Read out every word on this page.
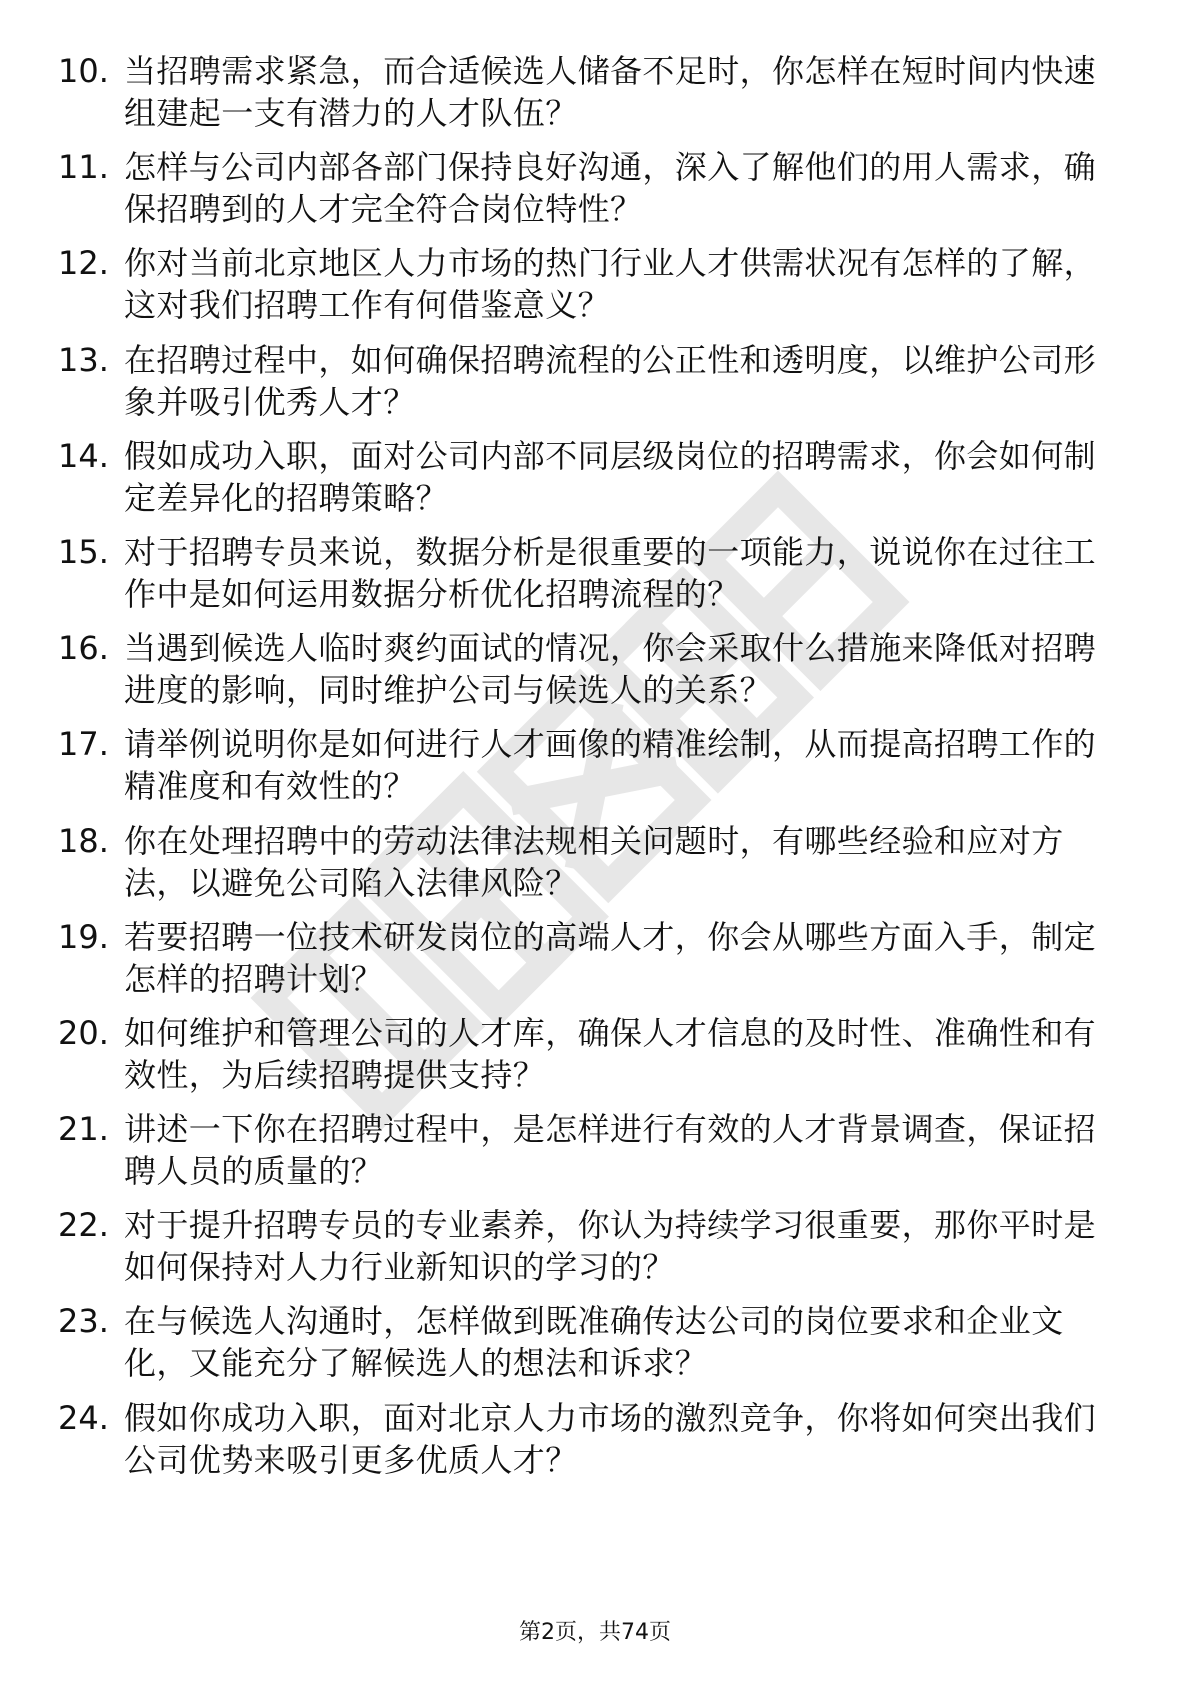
10. 当招聘需求紧急，而合适候选人储备不足时，你怎样在短时间内快速组建起一支有潜力的人才队伍？
11. 怎样与公司内部各部门保持良好沟通，深入了解他们的用人需求，确保招聘到的人才完全符合岗位特性？
12. 你对当前北京地区人力市场的热门行业人才供需状况有怎样的了解，这对我们招聘工作有何借鉴意义？
13. 在招聘过程中，如何确保招聘流程的公正性和透明度，以维护公司形象并吸引优秀人才？
14. 假如成功入职，面对公司内部不同层级岗位的招聘需求，你会如何制定差异化的招聘策略？
15. 对于招聘专员来说，数据分析是很重要的一项能力，说说你在过往工作中是如何运用数据分析优化招聘流程的？
16. 当遇到候选人临时爽约面试的情况，你会采取什么措施来降低对招聘进度的影响，同时维护公司与候选人的关系？
17. 请举例说明你是如何进行人才画像的精准绘制，从而提高招聘工作的精准度和有效性的？
18. 你在处理招聘中的劳动法律法规相关问题时，有哪些经验和应对方法，以避免公司陷入法律风险？
19. 若要招聘一位技术研发岗位的高端人才，你会从哪些方面入手，制定怎样的招聘计划？
20. 如何维护和管理公司的人才库，确保人才信息的及时性、准确性和有效性，为后续招聘提供支持？
21. 讲述一下你在招聘过程中，是怎样进行有效的人才背景调查，保证招聘人员的质量的？
22. 对于提升招聘专员的专业素养，你认为持续学习很重要，那你平时是如何保持对人力行业新知识的学习的？
23. 在与候选人沟通时，怎样做到既准确传达公司的岗位要求和企业文化，又能充分了解候选人的想法和诉求？
24. 假如你成功入职，面对北京人力市场的激烈竞争，你将如何突出我们公司优势来吸引更多优质人才？
第2页，共74页
